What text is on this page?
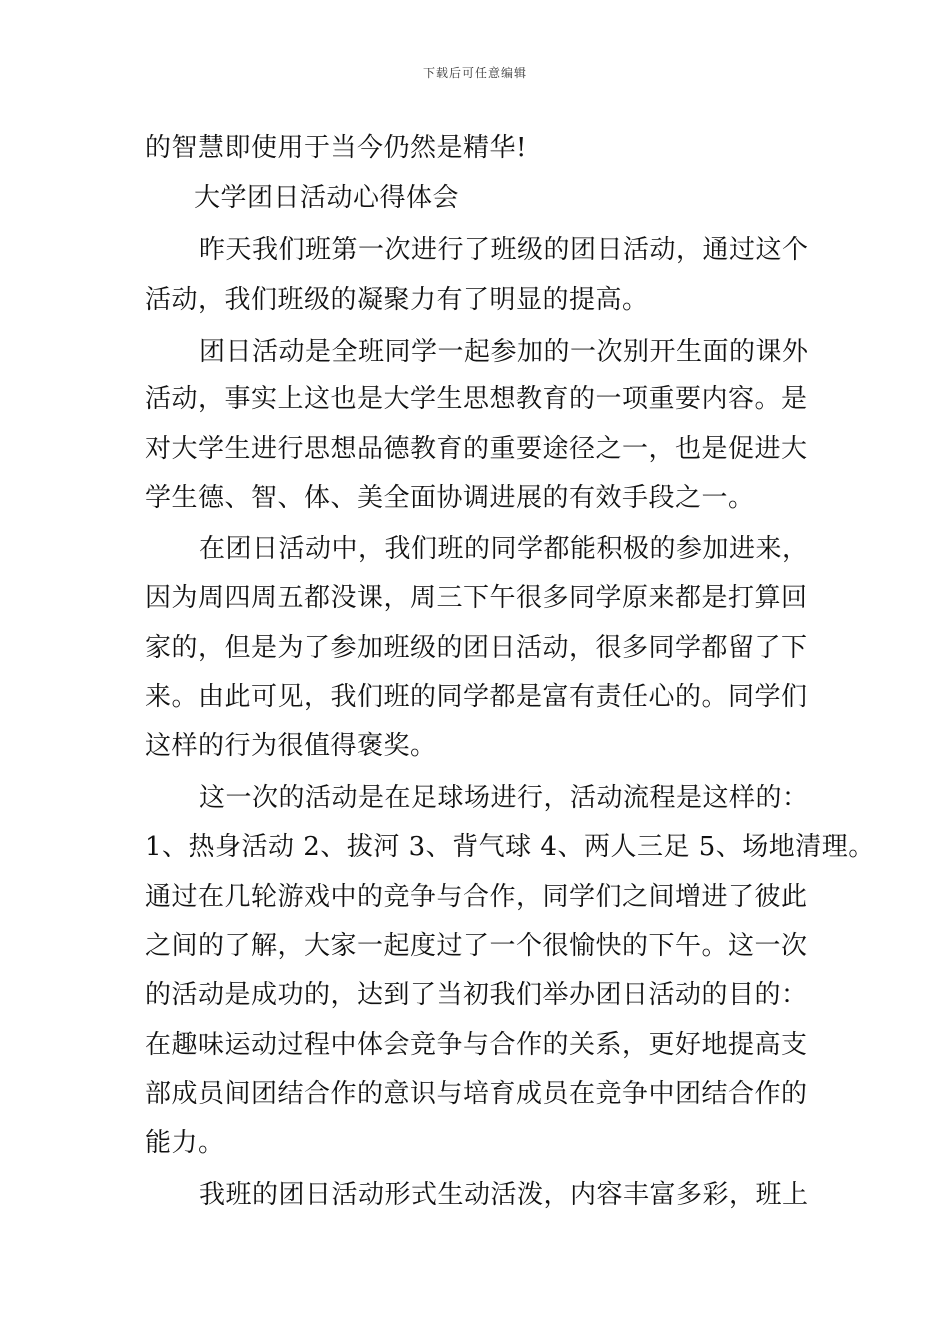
下载后可任意编辑
的智慧即使用于当今仍然是精华!
大学团日活动心得体会
昨天我们班第一次进行了班级的团日活动，通过这个
活动，我们班级的凝聚力有了明显的提高。
团日活动是全班同学一起参加的一次别开生面的课外
活动，事实上这也是大学生思想教育的一项重要内容。是
对大学生进行思想品德教育的重要途径之一，也是促进大
学生德、智、体、美全面协调进展的有效手段之一。
在团日活动中，我们班的同学都能积极的参加进来，
因为周四周五都没课，周三下午很多同学原来都是打算回
家的，但是为了参加班级的团日活动，很多同学都留了下
来。由此可见，我们班的同学都是富有责任心的。同学们
这样的行为很值得褒奖。
这一次的活动是在足球场进行，活动流程是这样的：
1、热身活动 2、拔河 3、背气球 4、两人三足 5、场地清理。
通过在几轮游戏中的竞争与合作，同学们之间增进了彼此
之间的了解，大家一起度过了一个很愉快的下午。这一次
的活动是成功的，达到了当初我们举办团日活动的目的：
在趣味运动过程中体会竞争与合作的关系，更好地提高支
部成员间团结合作的意识与培育成员在竞争中团结合作的
能力。
我班的团日活动形式生动活泼，内容丰富多彩，班上
